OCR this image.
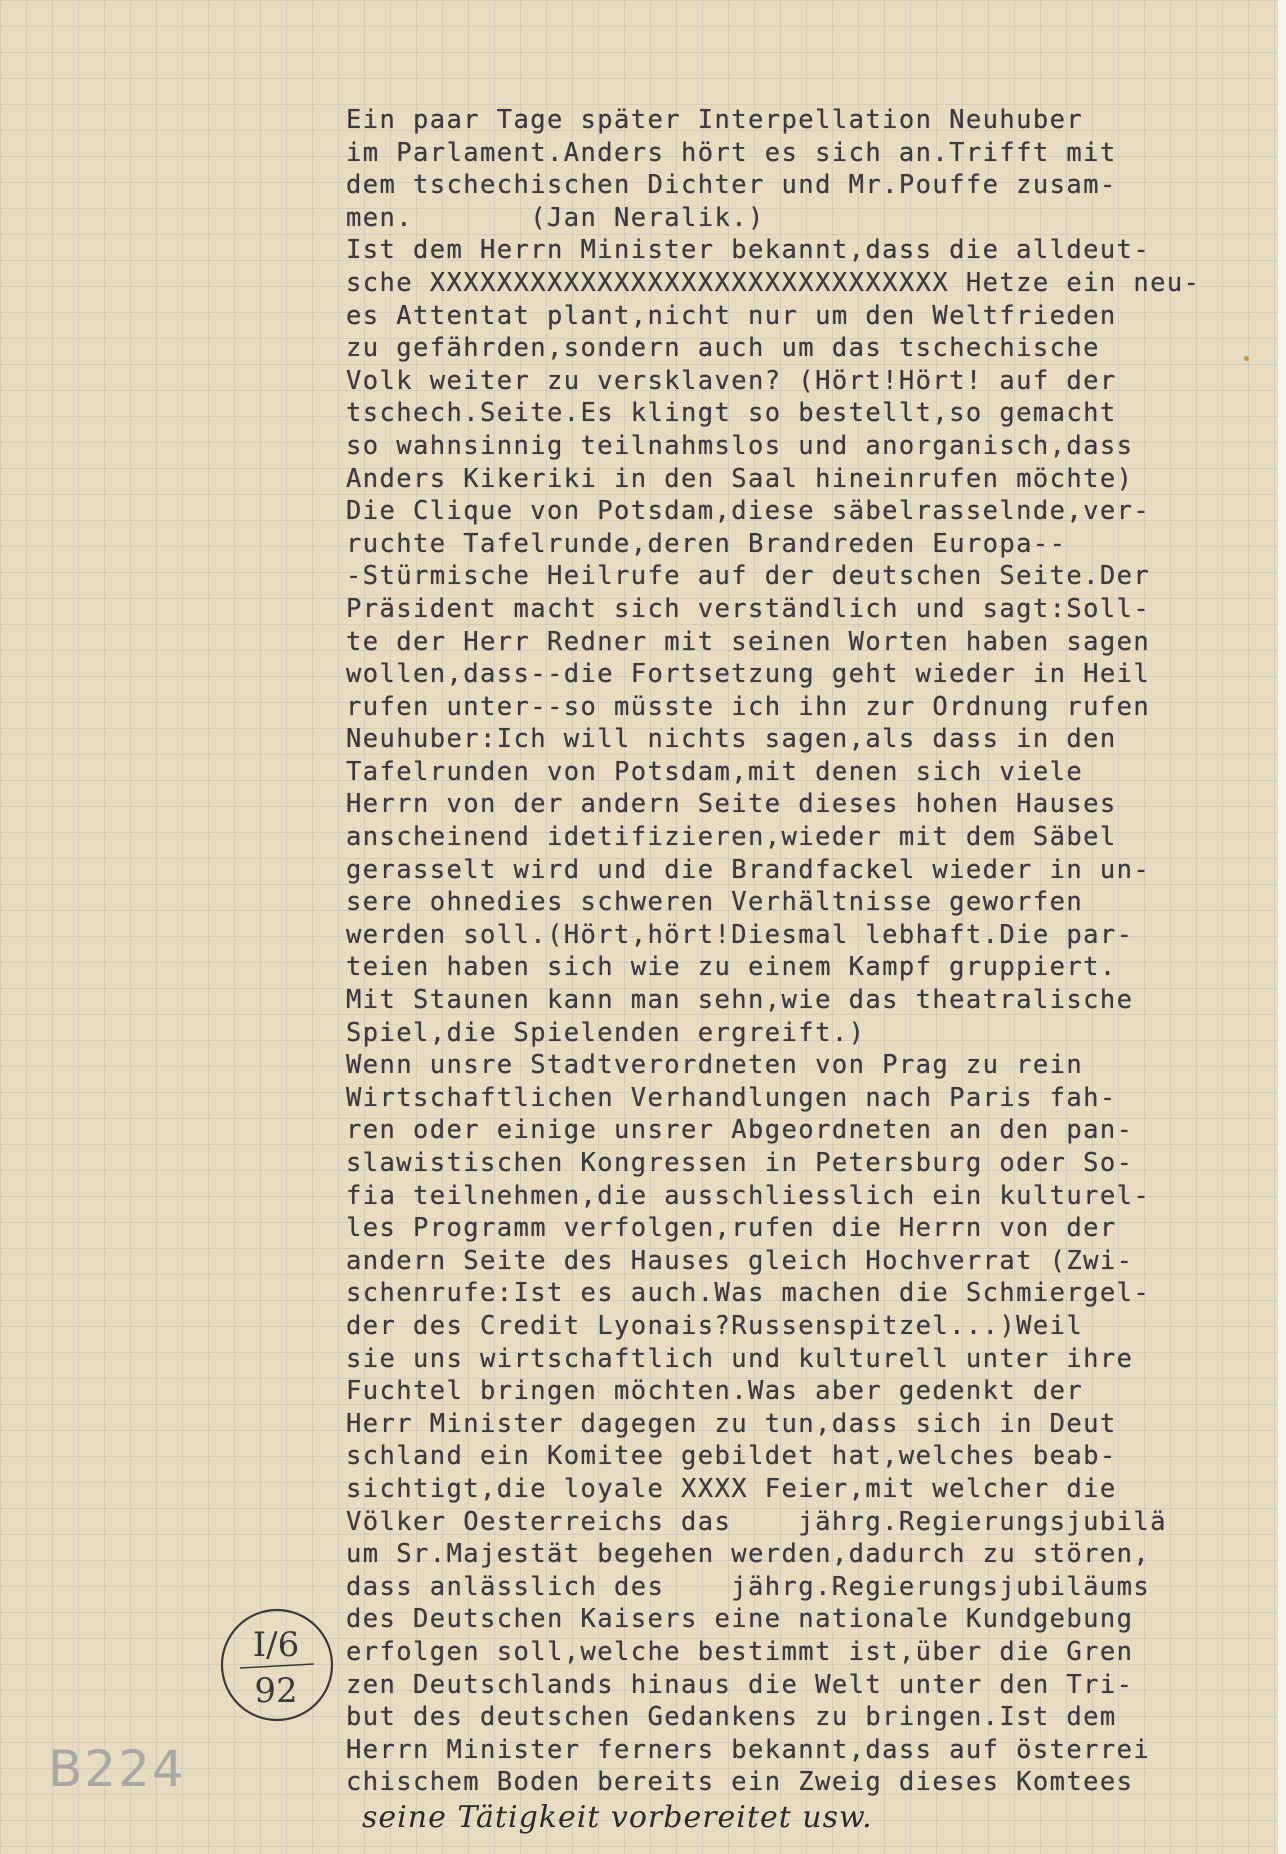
Ein paar Tage später Interpellation Neuhuber
im Parlament.Anders hört es sich an.Trifft mit
dem tschechischen Dichter und Mr.Pouffe zusam-
men.       (Jan Neralik.)
Ist dem Herrn Minister bekannt,dass die alldeut-
sche XXXXXXXXXXXXXXXXXXXXXXXXXXXXXXX Hetze ein neu-
es Attentat plant,nicht nur um den Weltfrieden
zu gefährden,sondern auch um das tschechische
Volk weiter zu versklaven? (Hört!Hört! auf der
tschech.Seite.Es klingt so bestellt,so gemacht
so wahnsinnig teilnahmslos und anorganisch,dass
Anders Kikeriki in den Saal hineinrufen möchte)
Die Clique von Potsdam,diese säbelrasselnde,ver-
ruchte Tafelrunde,deren Brandreden Europa--
-Stürmische Heilrufe auf der deutschen Seite.Der
Präsident macht sich verständlich und sagt:Soll-
te der Herr Redner mit seinen Worten haben sagen
wollen,dass--die Fortsetzung geht wieder in Heil
rufen unter--so müsste ich ihn zur Ordnung rufen
Neuhuber:Ich will nichts sagen,als dass in den
Tafelrunden von Potsdam,mit denen sich viele
Herrn von der andern Seite dieses hohen Hauses
anscheinend idetifizieren,wieder mit dem Säbel
gerasselt wird und die Brandfackel wieder in un-
sere ohnedies schweren Verhältnisse geworfen
werden soll.(Hört,hört!Diesmal lebhaft.Die par-
teien haben sich wie zu einem Kampf gruppiert.
Mit Staunen kann man sehn,wie das theatralische
Spiel,die Spielenden ergreift.)
Wenn unsre Stadtverordneten von Prag zu rein
Wirtschaftlichen Verhandlungen nach Paris fah-
ren oder einige unsrer Abgeordneten an den pan-
slawistischen Kongressen in Petersburg oder So-
fia teilnehmen,die ausschliesslich ein kulturel-
les Programm verfolgen,rufen die Herrn von der
andern Seite des Hauses gleich Hochverrat (Zwi-
schenrufe:Ist es auch.Was machen die Schmiergel-
der des Credit Lyonais?Russenspitzel...)Weil
sie uns wirtschaftlich und kulturell unter ihre
Fuchtel bringen möchten.Was aber gedenkt der
Herr Minister dagegen zu tun,dass sich in Deut
schland ein Komitee gebildet hat,welches beab-
sichtigt,die loyale XXXX Feier,mit welcher die
Völker Oesterreichs das    jährg.Regierungsjubilä
um Sr.Majestät begehen werden,dadurch zu stören,
dass anlässlich des    jährg.Regierungsjubiläums
des Deutschen Kaisers eine nationale Kundgebung
erfolgen soll,welche bestimmt ist,über die Gren
zen Deutschlands hinaus die Welt unter den Tri-
but des deutschen Gedankens zu bringen.Ist dem
Herrn Minister ferners bekannt,dass auf österrei
chischem Boden bereits ein Zweig dieses Komtees
I/6
92
B224
seine Tätigkeit vorbereitet usw.
